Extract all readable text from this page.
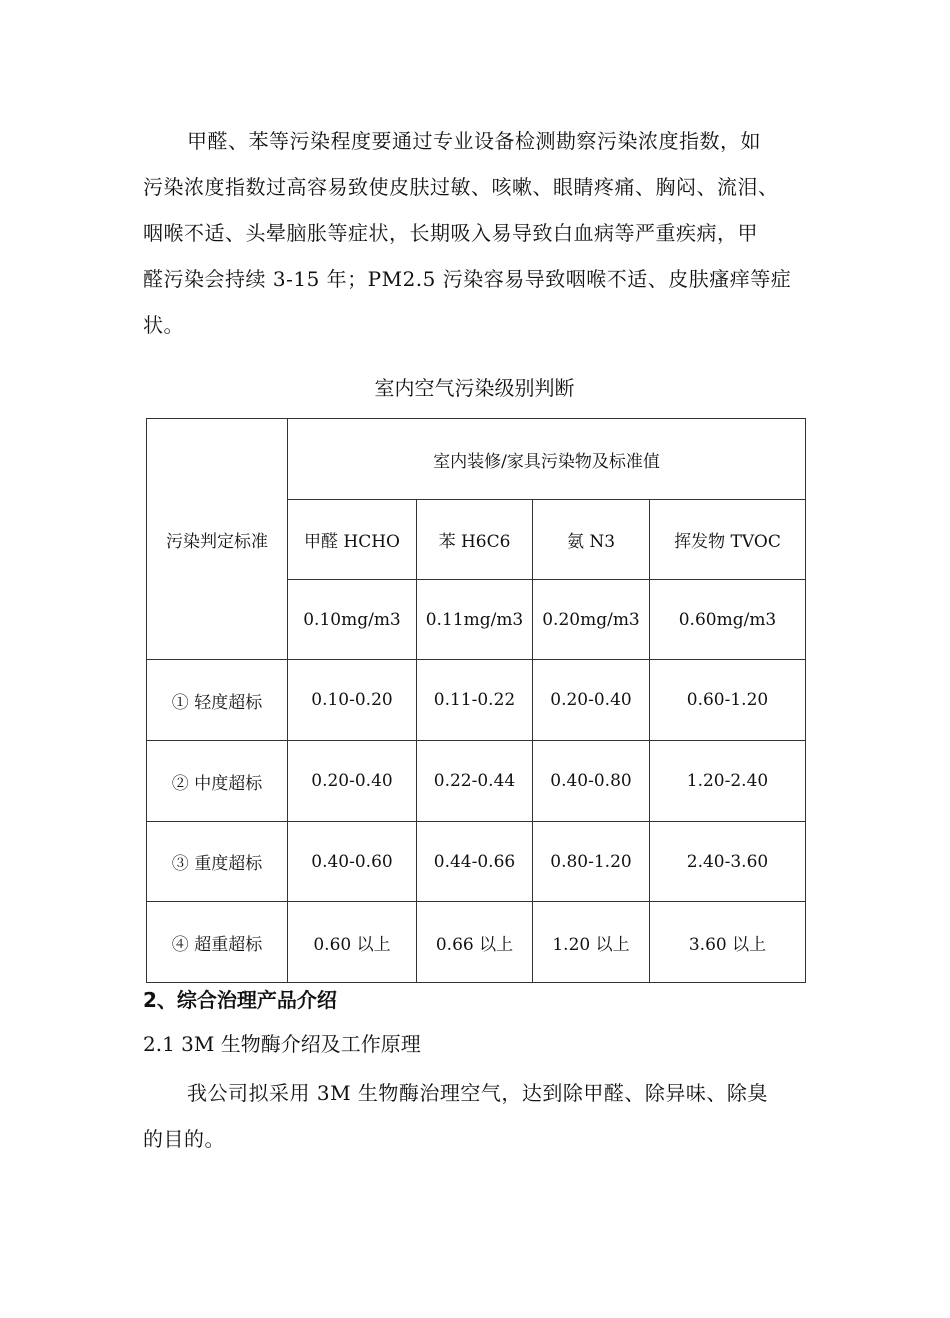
甲醛、苯等污染程度要通过专业设备检测勘察污染浓度指数，如
污染浓度指数过高容易致使皮肤过敏、咳嗽、眼睛疼痛、胸闷、流泪、
咽喉不适、头晕脑胀等症状，长期吸入易导致白血病等严重疾病，甲
醛污染会持续 3-15 年；PM2.5 污染容易导致咽喉不适、皮肤瘙痒等症
状。
室内空气污染级别判断
污染判定标准	室内装修/家具污染物及标准值			
	甲醛 HCHO	苯 H6C6	氨 N3	挥发物 TVOC
	0.10mg/m3	0.11mg/m3	0.20mg/m3	0.60mg/m3
① 轻度超标	0.10-0.20	0.11-0.22	0.20-0.40	0.60-1.20
② 中度超标	0.20-0.40	0.22-0.44	0.40-0.80	1.20-2.40
③ 重度超标	0.40-0.60	0.44-0.66	0.80-1.20	2.40-3.60
④ 超重超标	0.60 以上	0.66 以上	1.20 以上	3.60 以上
2、综合治理产品介绍
2.1 3M 生物酶介绍及工作原理
我公司拟采用 3M 生物酶治理空气，达到除甲醛、除异味、除臭
的目的。
